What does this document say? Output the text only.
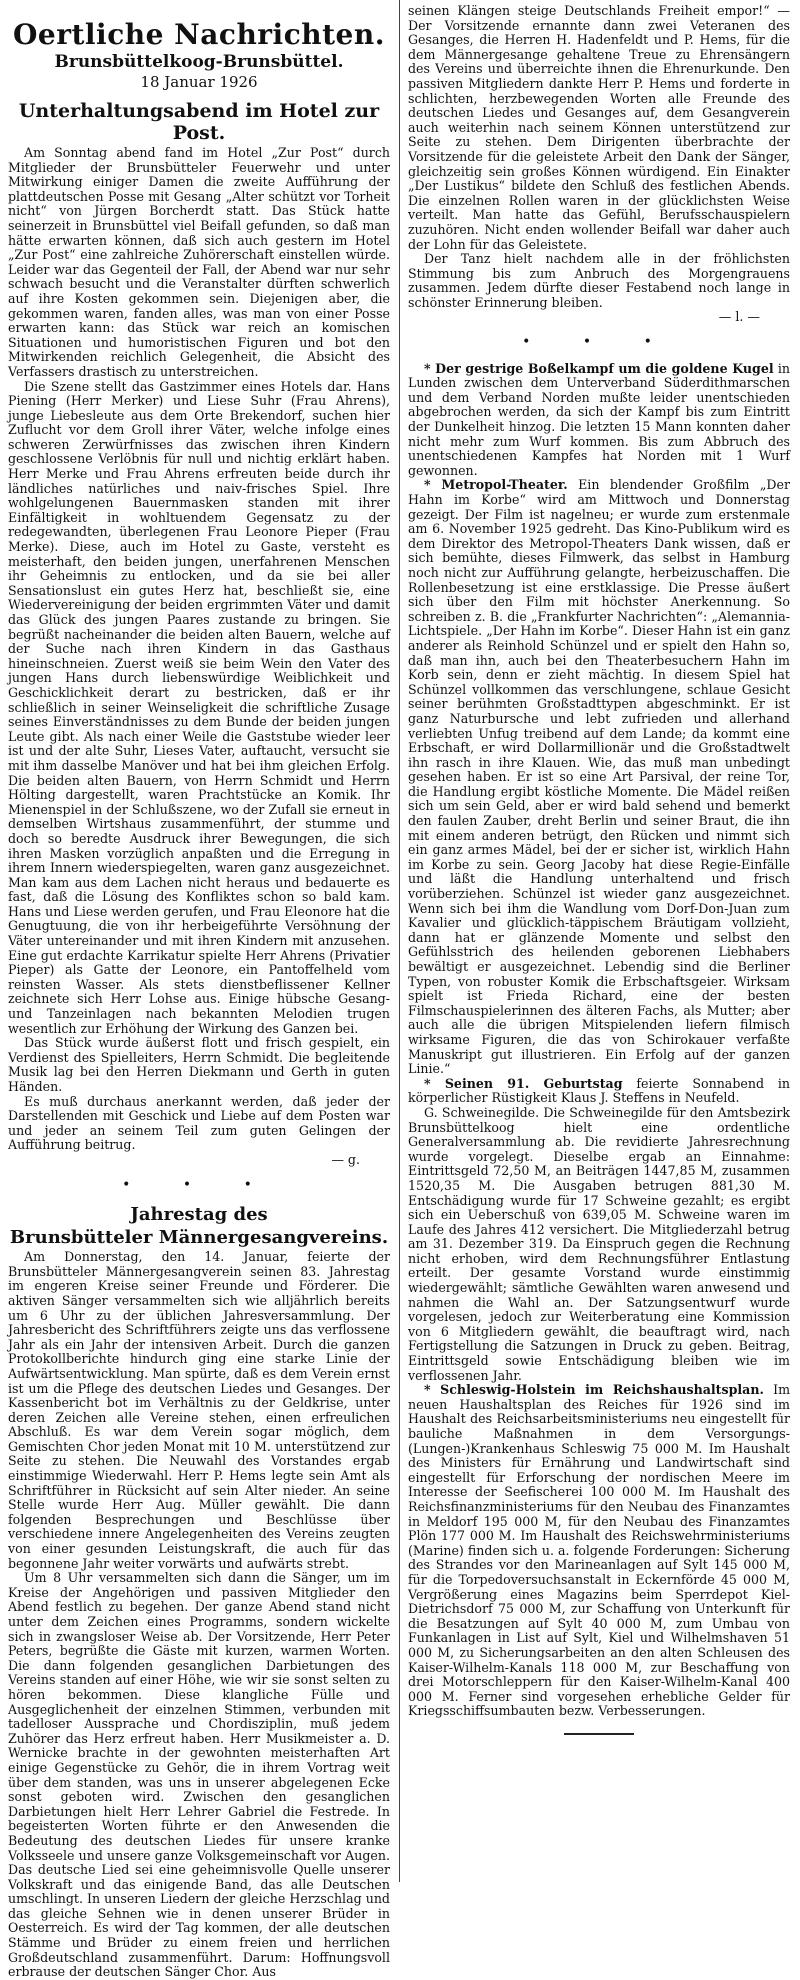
Oertliche Nachrichten.
Brunsbüttelkoog-Brunsbüttel.
18 Januar 1926
Unterhaltungsabend im Hotel zur Post.

Am Sonntag abend fand im Hotel „Zur Post“ durch Mitglieder der Brunsbütteler Feuerwehr und unter Mitwirkung einiger Damen die zweite Aufführung der plattdeutschen Posse mit Gesang „Alter schützt vor Torheit nicht“ von Jürgen Borcherdt statt. Das Stück hatte seinerzeit in Brunsbüttel viel Beifall gefunden, so daß man hätte erwarten können, daß sich auch gestern im Hotel „Zur Post“ eine zahlreiche Zuhörerschaft einstellen würde. Leider war das Gegenteil der Fall, der Abend war nur sehr schwach besucht und die Veranstalter dürften schwerlich auf ihre Kosten gekommen sein. Diejenigen aber, die gekommen waren, fanden alles, was man von einer Posse erwarten kann: das Stück war reich an komischen Situationen und humoristischen Figuren und bot den Mitwirkenden reichlich Gelegenheit, die Absicht des Verfassers drastisch zu unterstreichen.

Die Szene stellt das Gastzimmer eines Hotels dar. Hans Piening (Herr Merker) und Liese Suhr (Frau Ahrens), junge Liebesleute aus dem Orte Brekendorf, suchen hier Zuflucht vor dem Groll ihrer Väter, welche infolge eines schweren Zerwürfnisses das zwischen ihren Kindern geschlossene Verlöbnis für null und nichtig erklärt haben. Herr Merke und Frau Ahrens erfreuten beide durch ihr ländliches natürliches und naiv-frisches Spiel. Ihre wohlgelungenen Bauernmasken standen mit ihrer Einfältigkeit in wohltuendem Gegensatz zu der redegewandten, überlegenen Frau Leonore Pieper (Frau Merke). Diese, auch im Hotel zu Gaste, versteht es meisterhaft, den beiden jungen, unerfahrenen Menschen ihr Geheimnis zu entlocken, und da sie bei aller Sensationslust ein gutes Herz hat, beschließt sie, eine Wiedervereinigung der beiden ergrimmten Väter und damit das Glück des jungen Paares zustande zu bringen. Sie begrüßt nacheinander die beiden alten Bauern, welche auf der Suche nach ihren Kindern in das Gasthaus hineinschneien. Zuerst weiß sie beim Wein den Vater des jungen Hans durch liebenswürdige Weiblichkeit und Geschicklichkeit derart zu bestricken, daß er ihr schließlich in seiner Weinseligkeit die schriftliche Zusage seines Einverständnisses zu dem Bunde der beiden jungen Leute gibt. Als nach einer Weile die Gaststube wieder leer ist und der alte Suhr, Lieses Vater, auftaucht, versucht sie mit ihm dasselbe Manöver und hat bei ihm gleichen Erfolg. Die beiden alten Bauern, von Herrn Schmidt und Herrn Hölting dargestellt, waren Prachtstücke an Komik. Ihr Mienenspiel in der Schlußszene, wo der Zufall sie erneut in demselben Wirtshaus zusammenführt, der stumme und doch so beredte Ausdruck ihrer Bewegungen, die sich ihren Masken vorzüglich anpaßten und die Erregung in ihrem Innern wiederspiegelten, waren ganz ausgezeichnet. Man kam aus dem Lachen nicht heraus und bedauerte es fast, daß die Lösung des Konfliktes schon so bald kam. Hans und Liese werden gerufen, und Frau Eleonore hat die Genugtuung, die von ihr herbeigeführte Versöhnung der Väter untereinander und mit ihren Kindern mit anzusehen. Eine gut erdachte Karrikatur spielte Herr Ahrens (Privatier Pieper) als Gatte der Leonore, ein Pantoffelheld vom reinsten Wasser. Als stets dienstbeflissener Kellner zeichnete sich Herr Lohse aus. Einige hübsche Gesang- und Tanzeinlagen nach bekannten Melodien trugen wesentlich zur Erhöhung der Wirkung des Ganzen bei.

Das Stück wurde äußerst flott und frisch gespielt, ein Verdienst des Spielleiters, Herrn Schmidt. Die begleitende Musik lag bei den Herren Diekmann und Gerth in guten Händen.

Es muß durchaus anerkannt werden, daß jeder der Darstellenden mit Geschick und Liebe auf dem Posten war und jeder an seinem Teil zum guten Gelingen der Aufführung beitrug.

— g.
• • •
Jahrestag des
Brunsbütteler Männergesangvereins.

Am Donnerstag, den 14. Januar, feierte der Brunsbütteler Männergesangverein seinen 83. Jahrestag im engeren Kreise seiner Freunde und Förderer. Die aktiven Sänger versammelten sich wie alljährlich bereits um 6 Uhr zu der üblichen Jahresversammlung. Der Jahresbericht des Schriftführers zeigte uns das verflossene Jahr als ein Jahr der intensiven Arbeit. Durch die ganzen Protokollberichte hindurch ging eine starke Linie der Aufwärtsentwicklung. Man spürte, daß es dem Verein ernst ist um die Pflege des deutschen Liedes und Gesanges. Der Kassenbericht bot im Verhältnis zu der Geldkrise, unter deren Zeichen alle Vereine stehen, einen erfreulichen Abschluß. Es war dem Verein sogar möglich, dem Gemischten Chor jeden Monat mit 10 M. unterstützend zur Seite zu stehen. Die Neuwahl des Vorstandes ergab einstimmige Wiederwahl. Herr P. Hems legte sein Amt als Schriftführer in Rücksicht auf sein Alter nieder. An seine Stelle wurde Herr Aug. Müller gewählt. Die dann folgenden Besprechungen und Beschlüsse über verschiedene innere Angelegenheiten des Vereins zeugten von einer gesunden Leistungskraft, die auch für das begonnene Jahr weiter vorwärts und aufwärts strebt.

Um 8 Uhr versammelten sich dann die Sänger, um im Kreise der Angehörigen und passiven Mitglieder den Abend festlich zu begehen. Der ganze Abend stand nicht unter dem Zeichen eines Programms, sondern wickelte sich in zwangsloser Weise ab. Der Vorsitzende, Herr Peter Peters, begrüßte die Gäste mit kurzen, warmen Worten. Die dann folgenden gesanglichen Darbietungen des Vereins standen auf einer Höhe, wie wir sie sonst selten zu hören bekommen. Diese klangliche Fülle und Ausgeglichenheit der einzelnen Stimmen, verbunden mit tadelloser Aussprache und Chordisziplin, muß jedem Zuhörer das Herz erfreut haben. Herr Musikmeister a. D. Wernicke brachte in der gewohnten meisterhaften Art einige Gegenstücke zu Gehör, die in ihrem Vortrag weit über dem standen, was uns in unserer abgelegenen Ecke sonst geboten wird. Zwischen den gesanglichen Darbietungen hielt Herr Lehrer Gabriel die Festrede. In begeisterten Worten führte er den Anwesenden die Bedeutung des deutschen Liedes für unsere kranke Volksseele und unsere ganze Volksgemeinschaft vor Augen. Das deutsche Lied sei eine geheimnisvolle Quelle unserer Volkskraft und das einigende Band, das alle Deutschen umschlingt. In unseren Liedern der gleiche Herzschlag und das gleiche Sehnen wie in denen unserer Brüder in Oesterreich. Es wird der Tag kommen, der alle deutschen Stämme und Brüder zu einem freien und herrlichen Großdeutschland zusammenführt. Darum: Hoffnungsvoll erbrause der deutschen Sänger Chor. Aus

seinen Klängen steige Deutschlands Freiheit empor!“ — Der Vorsitzende ernannte dann zwei Veteranen des Gesanges, die Herren H. Hadenfeldt und P. Hems, für die dem Männergesange gehaltene Treue zu Ehrensängern des Vereins und überreichte ihnen die Ehrenurkunde. Den passiven Mitgliedern dankte Herr P. Hems und forderte in schlichten, herzbewegenden Worten alle Freunde des deutschen Liedes und Gesanges auf, dem Gesangverein auch weiterhin nach seinem Können unterstützend zur Seite zu stehen. Dem Dirigenten überbrachte der Vorsitzende für die geleistete Arbeit den Dank der Sänger, gleichzeitig sein großes Können würdigend. Ein Einakter „Der Lustikus“ bildete den Schluß des festlichen Abends. Die einzelnen Rollen waren in der glücklichsten Weise verteilt. Man hatte das Gefühl, Berufsschauspielern zuzuhören. Nicht enden wollender Beifall war daher auch der Lohn für das Geleistete.

Der Tanz hielt nachdem alle in der fröhlichsten Stimmung bis zum Anbruch des Morgengrauens zusammen. Jedem dürfte dieser Festabend noch lange in schönster Erinnerung bleiben.

— l. —
• • •

* Der gestrige Boßelkampf um die goldene Kugel in Lunden zwischen dem Unterverband Süderdithmarschen und dem Verband Norden mußte leider unentschieden abgebrochen werden, da sich der Kampf bis zum Eintritt der Dunkelheit hinzog. Die letzten 15 Mann konnten daher nicht mehr zum Wurf kommen. Bis zum Abbruch des unentschiedenen Kampfes hat Norden mit 1 Wurf gewonnen.

* Metropol-Theater. Ein blendender Großfilm „Der Hahn im Korbe“ wird am Mittwoch und Donnerstag gezeigt. Der Film ist nagelneu; er wurde zum erstenmale am 6. November 1925 gedreht. Das Kino-Publikum wird es dem Direktor des Metropol-Theaters Dank wissen, daß er sich bemühte, dieses Filmwerk, das selbst in Hamburg noch nicht zur Aufführung gelangte, herbeizuschaffen. Die Rollenbesetzung ist eine erstklassige. Die Presse äußert sich über den Film mit höchster Anerkennung. So schreiben z. B. die „Frankfurter Nachrichten“: „Alemannia-Lichtspiele. „Der Hahn im Korbe“. Dieser Hahn ist ein ganz anderer als Reinhold Schünzel und er spielt den Hahn so, daß man ihn, auch bei den Theaterbesuchern Hahn im Korb sein, denn er zieht mächtig. In diesem Spiel hat Schünzel vollkommen das verschlungene, schlaue Gesicht seiner berühmten Großstadttypen abgeschminkt. Er ist ganz Naturbursche und lebt zufrieden und allerhand verliebten Unfug treibend auf dem Lande; da kommt eine Erbschaft, er wird Dollarmillionär und die Großstadtwelt ihn rasch in ihre Klauen. Wie, das muß man unbedingt gesehen haben. Er ist so eine Art Parsival, der reine Tor, die Handlung ergibt köstliche Momente. Die Mädel reißen sich um sein Geld, aber er wird bald sehend und bemerkt den faulen Zauber, dreht Berlin und seiner Braut, die ihn mit einem anderen betrügt, den Rücken und nimmt sich ein ganz armes Mädel, bei der er sicher ist, wirklich Hahn im Korbe zu sein. Georg Jacoby hat diese Regie-Einfälle und läßt die Handlung unterhaltend und frisch vorüberziehen. Schünzel ist wieder ganz ausgezeichnet. Wenn sich bei ihm die Wandlung vom Dorf-Don-Juan zum Kavalier und glücklich-täppischem Bräutigam vollzieht, dann hat er glänzende Momente und selbst den Gefühlsstrich des heilenden geborenen Liebhabers bewältigt er ausgezeichnet. Lebendig sind die Berliner Typen, von robuster Komik die Erbschaftsgeier. Wirksam spielt ist Frieda Richard, eine der besten Filmschauspielerinnen des älteren Fachs, als Mutter; aber auch alle die übrigen Mitspielenden liefern filmisch wirksame Figuren, die das von Schirokauer verfaßte Manuskript gut illustrieren. Ein Erfolg auf der ganzen Linie.“

* Seinen 91. Geburtstag feierte Sonnabend in körperlicher Rüstigkeit Klaus J. Steffens in Neufeld.

G. Schweinegilde. Die Schweinegilde für den Amtsbezirk Brunsbüttelkoog hielt eine ordentliche Generalversammlung ab. Die revidierte Jahresrechnung wurde vorgelegt. Dieselbe ergab an Einnahme: Eintrittsgeld 72,50 M, an Beiträgen 1447,85 M, zusammen 1520,35 M. Die Ausgaben betrugen 881,30 M. Entschädigung wurde für 17 Schweine gezahlt; es ergibt sich ein Ueberschuß von 639,05 M. Schweine waren im Laufe des Jahres 412 versichert. Die Mitgliederzahl betrug am 31. Dezember 319. Da Einspruch gegen die Rechnung nicht erhoben, wird dem Rechnungsführer Entlastung erteilt. Der gesamte Vorstand wurde einstimmig wiedergewählt; sämtliche Gewählten waren anwesend und nahmen die Wahl an. Der Satzungsentwurf wurde vorgelesen, jedoch zur Weiterberatung eine Kommission von 6 Mitgliedern gewählt, die beauftragt wird, nach Fertigstellung die Satzungen in Druck zu geben. Beitrag, Eintrittsgeld sowie Entschädigung bleiben wie im verflossenen Jahr.

* Schleswig-Holstein im Reichshaushaltsplan. Im neuen Haushaltsplan des Reiches für 1926 sind im Haushalt des Reichsarbeitsministeriums neu eingestellt für bauliche Maßnahmen in dem Versorgungs- (Lungen-)Krankenhaus Schleswig 75 000 M. Im Haushalt des Ministers für Ernährung und Landwirtschaft sind eingestellt für Erforschung der nordischen Meere im Interesse der Seefischerei 100 000 M. Im Haushalt des Reichsfinanzministeriums für den Neubau des Finanzamtes in Meldorf 195 000 M, für den Neubau des Finanzamtes Plön 177 000 M. Im Haushalt des Reichswehrministeriums (Marine) finden sich u. a. folgende Forderungen: Sicherung des Strandes vor den Marineanlagen auf Sylt 145 000 M, für die Torpedoversuchsanstalt in Eckernförde 45 000 M, Vergrößerung eines Magazins beim Sperrdepot Kiel-Dietrichsdorf 75 000 M, zur Schaffung von Unterkunft für die Besatzungen auf Sylt 40 000 M, zum Umbau von Funkanlagen in List auf Sylt, Kiel und Wilhelmshaven 51 000 M, zu Sicherungsarbeiten an den alten Schleusen des Kaiser-Wilhelm-Kanals 118 000 M, zur Beschaffung von drei Motorschleppern für den Kaiser-Wilhelm-Kanal 400 000 M. Ferner sind vorgesehen erhebliche Gelder für Kriegsschiffsumbauten bezw. Verbesserungen.
